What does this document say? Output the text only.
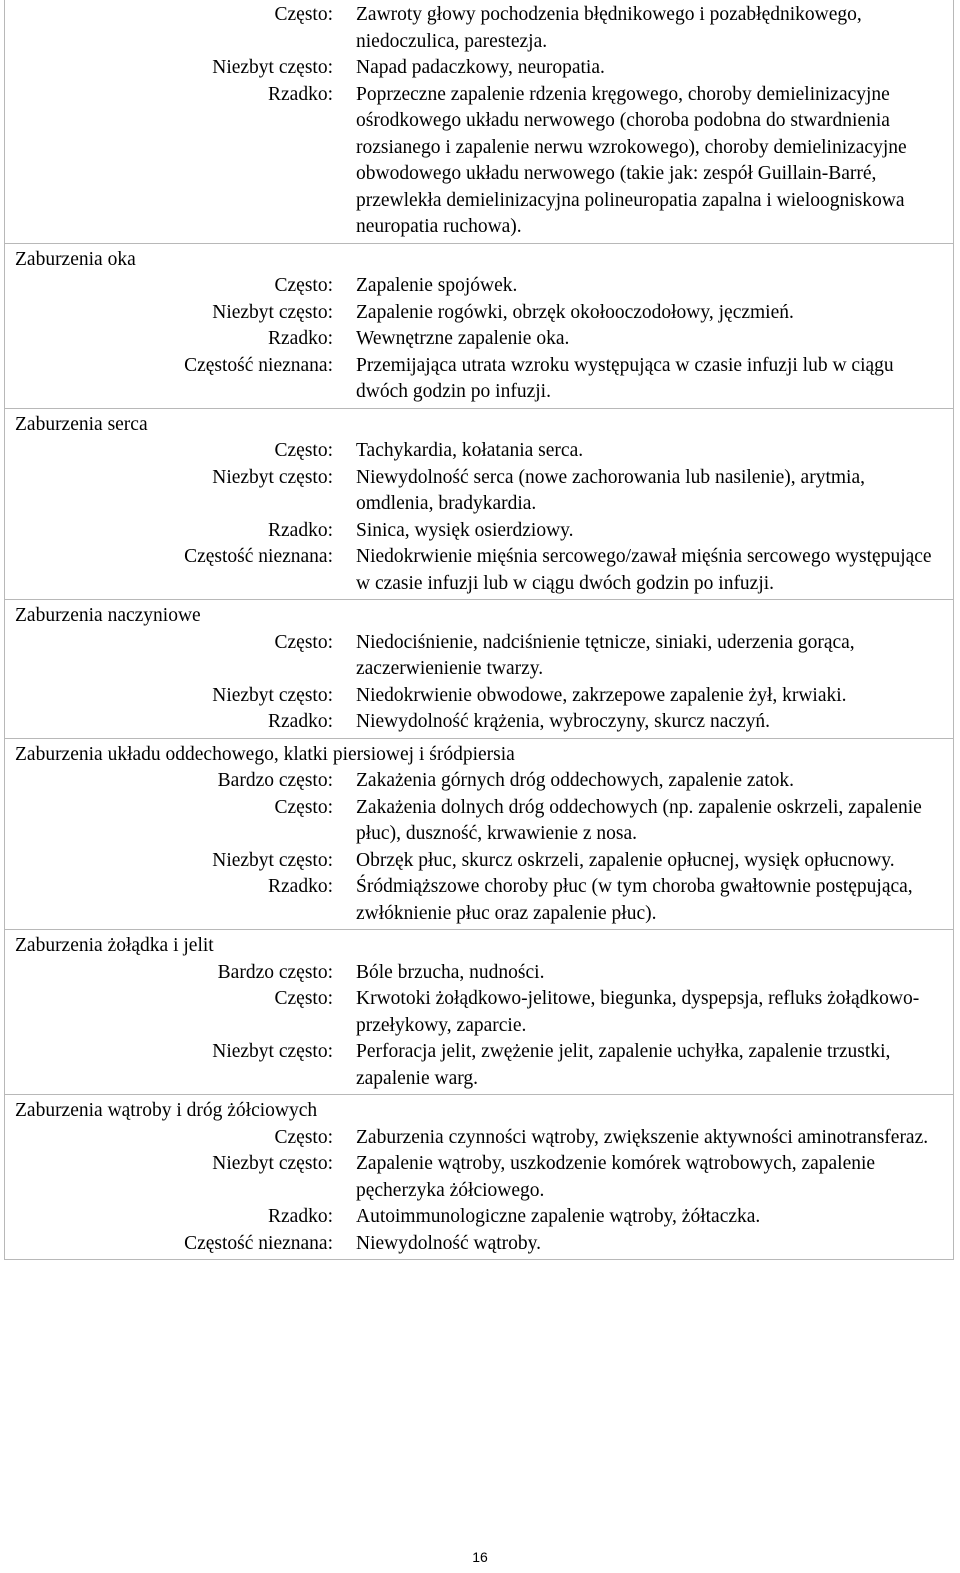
Często: Zawroty głowy pochodzenia błędnikowego i pozabłędnikowego, niedoczulica, parestezja.
Niezbyt często: Napad padaczkowy, neuropatia.
Rzadko: Poprzeczne zapalenie rdzenia kręgowego, choroby demielinizacyjne ośrodkowego układu nerwowego (choroba podobna do stwardnienia rozsianego i zapalenie nerwu wzrokowego), choroby demielinizacyjne obwodowego układu nerwowego (takie jak: zespół Guillain-Barré, przewlekła demielinizacyjna polineuropatia zapalna i wieloogniskowa neuropatia ruchowa).

Zaburzenia oka
Często: Zapalenie spojówek.
Niezbyt często: Zapalenie rogówki, obrzęk okołooczodołowy, jęczmień.
Rzadko: Wewnętrzne zapalenie oka.
Częstość nieznana: Przemijająca utrata wzroku występująca w czasie infuzji lub w ciągu dwóch godzin po infuzji.

Zaburzenia serca
Często: Tachykardia, kołatania serca.
Niezbyt często: Niewydolność serca (nowe zachorowania lub nasilenie), arytmia, omdlenia, bradykardia.
Rzadko: Sinica, wysięk osierdziowy.
Częstość nieznana: Niedokrwienie mięśnia sercowego/zawał mięśnia sercowego występujące w czasie infuzji lub w ciągu dwóch godzin po infuzji.

Zaburzenia naczyniowe
Często: Niedociśnienie, nadciśnienie tętnicze, siniaki, uderzenia gorąca, zaczerwienienie twarzy.
Niezbyt często: Niedokrwienie obwodowe, zakrzepowe zapalenie żył, krwiaki.
Rzadko: Niewydolność krążenia, wybroczyny, skurcz naczyń.

Zaburzenia układu oddechowego, klatki piersiowej i śródpiersia
Bardzo często: Zakażenia górnych dróg oddechowych, zapalenie zatok.
Często: Zakażenia dolnych dróg oddechowych (np. zapalenie oskrzeli, zapalenie płuc), duszność, krwawienie z nosa.
Niezbyt często: Obrzęk płuc, skurcz oskrzeli, zapalenie opłucnej, wysięk opłucnowy.
Rzadko: Śródmiąższowe choroby płuc (w tym choroba gwałtownie postępująca, zwłóknienie płuc oraz zapalenie płuc).

Zaburzenia żołądka i jelit
Bardzo często: Bóle brzucha, nudności.
Często: Krwotoki żołądkowo-jelitowe, biegunka, dyspepsja, refluks żołądkowo-przełykowy, zaparcie.
Niezbyt często: Perforacja jelit, zwężenie jelit, zapalenie uchyłka, zapalenie trzustki, zapalenie warg.

Zaburzenia wątroby i dróg żółciowych
Często: Zaburzenia czynności wątroby, zwiększenie aktywności aminotransferaz.
Niezbyt często: Zapalenie wątroby, uszkodzenie komórek wątrobowych, zapalenie pęcherzyka żółciowego.
Rzadko: Autoimmunologiczne zapalenie wątroby, żółtaczka.
Częstość nieznana: Niewydolność wątroby.
16
